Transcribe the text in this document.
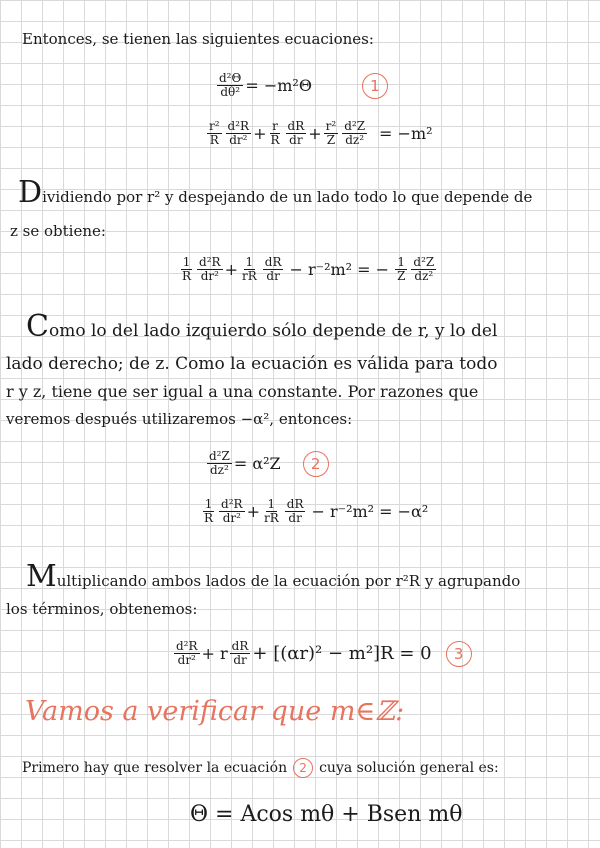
Entonces, se tienen las siguientes ecuaciones:
$\frac{\text{d²Θ}}{\text{dθ²}} = -m^2\Theta$	1
$\frac{\text{r²}}{R} \frac{\text{d²R}}{\text{dr²}} + \frac{r}{R} \frac{dR}{dr} + \frac{\text{r²}}{Z} \frac{\text{d²Z}}{\text{dz²}} = -m^2$
Dividiendo por r² y despejando de un lado todo lo que depende de
z se obtiene:
$\frac{1}{R} \frac{\text{d²R}}{\text{dr²}} + \frac{1}{rR} \frac{dR}{dr} - r^{-2}m^2$ = − $\frac{1}{Z} \frac{\text{d²Z}}{\text{dz²}}$
Como lo del lado izquierdo sólo depende de r, y lo del
lado derecho; de z. Como la ecuación es válida para todo
r y z, tiene que ser igual a una constante. Por razones que
veremos después utilizaremos −α², entonces:
$\frac{\text{d²Z}}{\text{dz²}} = \alpha^2Z$	2
$\frac{1}{R} \frac{\text{d²R}}{\text{dr²}} + \frac{1}{rR} \frac{dR}{dr} - r^{-2}m^2 = -\alpha^2$
Multiplicando ambos lados de la ecuación por r²R y agrupando
los términos, obtenemos:
$\frac{\text{d²R}}{\text{dr²}} + r \frac{dR}{dr} + [(\alpha r)^2 - m^2]R = 0$	3
Vamos a verificar que m∈ℤ:
Primero hay que resolver la ecuación	2 cuya solución general es:
Θ = Acos mθ + Bsen mθ
